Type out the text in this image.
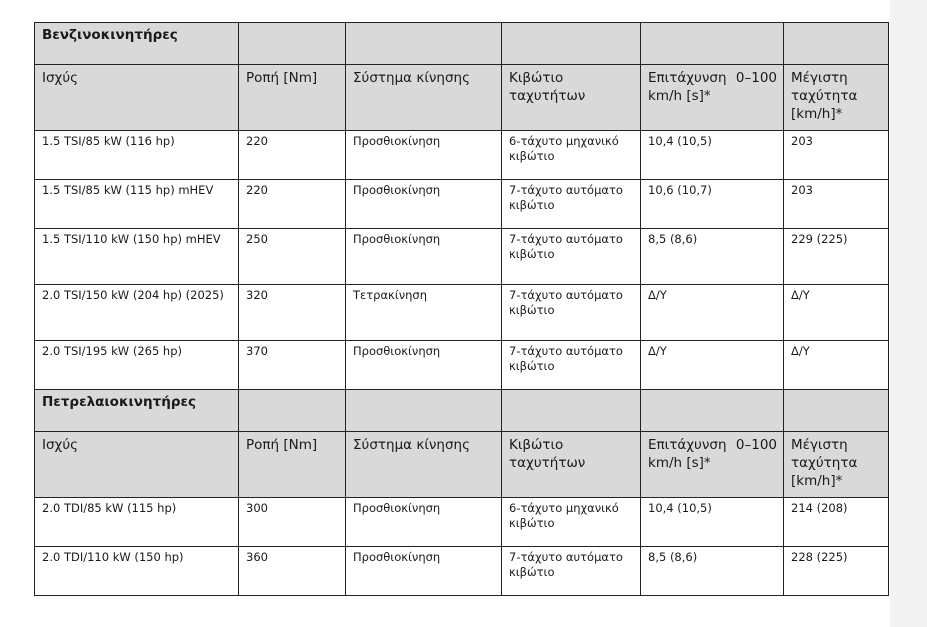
Βενζινοκινητήρες					
Ισχύς	Ροπή [Nm]	Σύστημα κίνησης	Κιβώτιο ταχυτήτων	Επιτάχυνση 0–100 km/h [s]*	Μέγιστη ταχύτητα [km/h]*
1.5 TSI/85 kW (116 hp)	220	Προσθιοκίνηση	6-τάχυτο μηχανικό κιβώτιο	10,4 (10,5)	203
1.5 TSI/85 kW (115 hp) mHEV	220	Προσθιοκίνηση	7-τάχυτο αυτόματο κιβώτιο	10,6 (10,7)	203
1.5 TSI/110 kW (150 hp) mHEV	250	Προσθιοκίνηση	7-τάχυτο αυτόματο κιβώτιο	8,5 (8,6)	229 (225)
2.0 TSI/150 kW (204 hp) (2025)	320	Τετρακίνηση	7-τάχυτο αυτόματο κιβώτιο	Δ/Υ	Δ/Υ
2.0 TSI/195 kW (265 hp)	370	Προσθιοκίνηση	7-τάχυτο αυτόματο κιβώτιο	Δ/Υ	Δ/Υ
Πετρελαιοκινητήρες					
Ισχύς	Ροπή [Nm]	Σύστημα κίνησης	Κιβώτιο ταχυτήτων	Επιτάχυνση 0–100 km/h [s]*	Μέγιστη ταχύτητα [km/h]*
2.0 TDI/85 kW (115 hp)	300	Προσθιοκίνηση	6-τάχυτο μηχανικό κιβώτιο	10,4 (10,5)	214 (208)
2.0 TDI/110 kW (150 hp)	360	Προσθιοκίνηση	7-τάχυτο αυτόματο κιβώτιο	8,5 (8,6)	228 (225)
